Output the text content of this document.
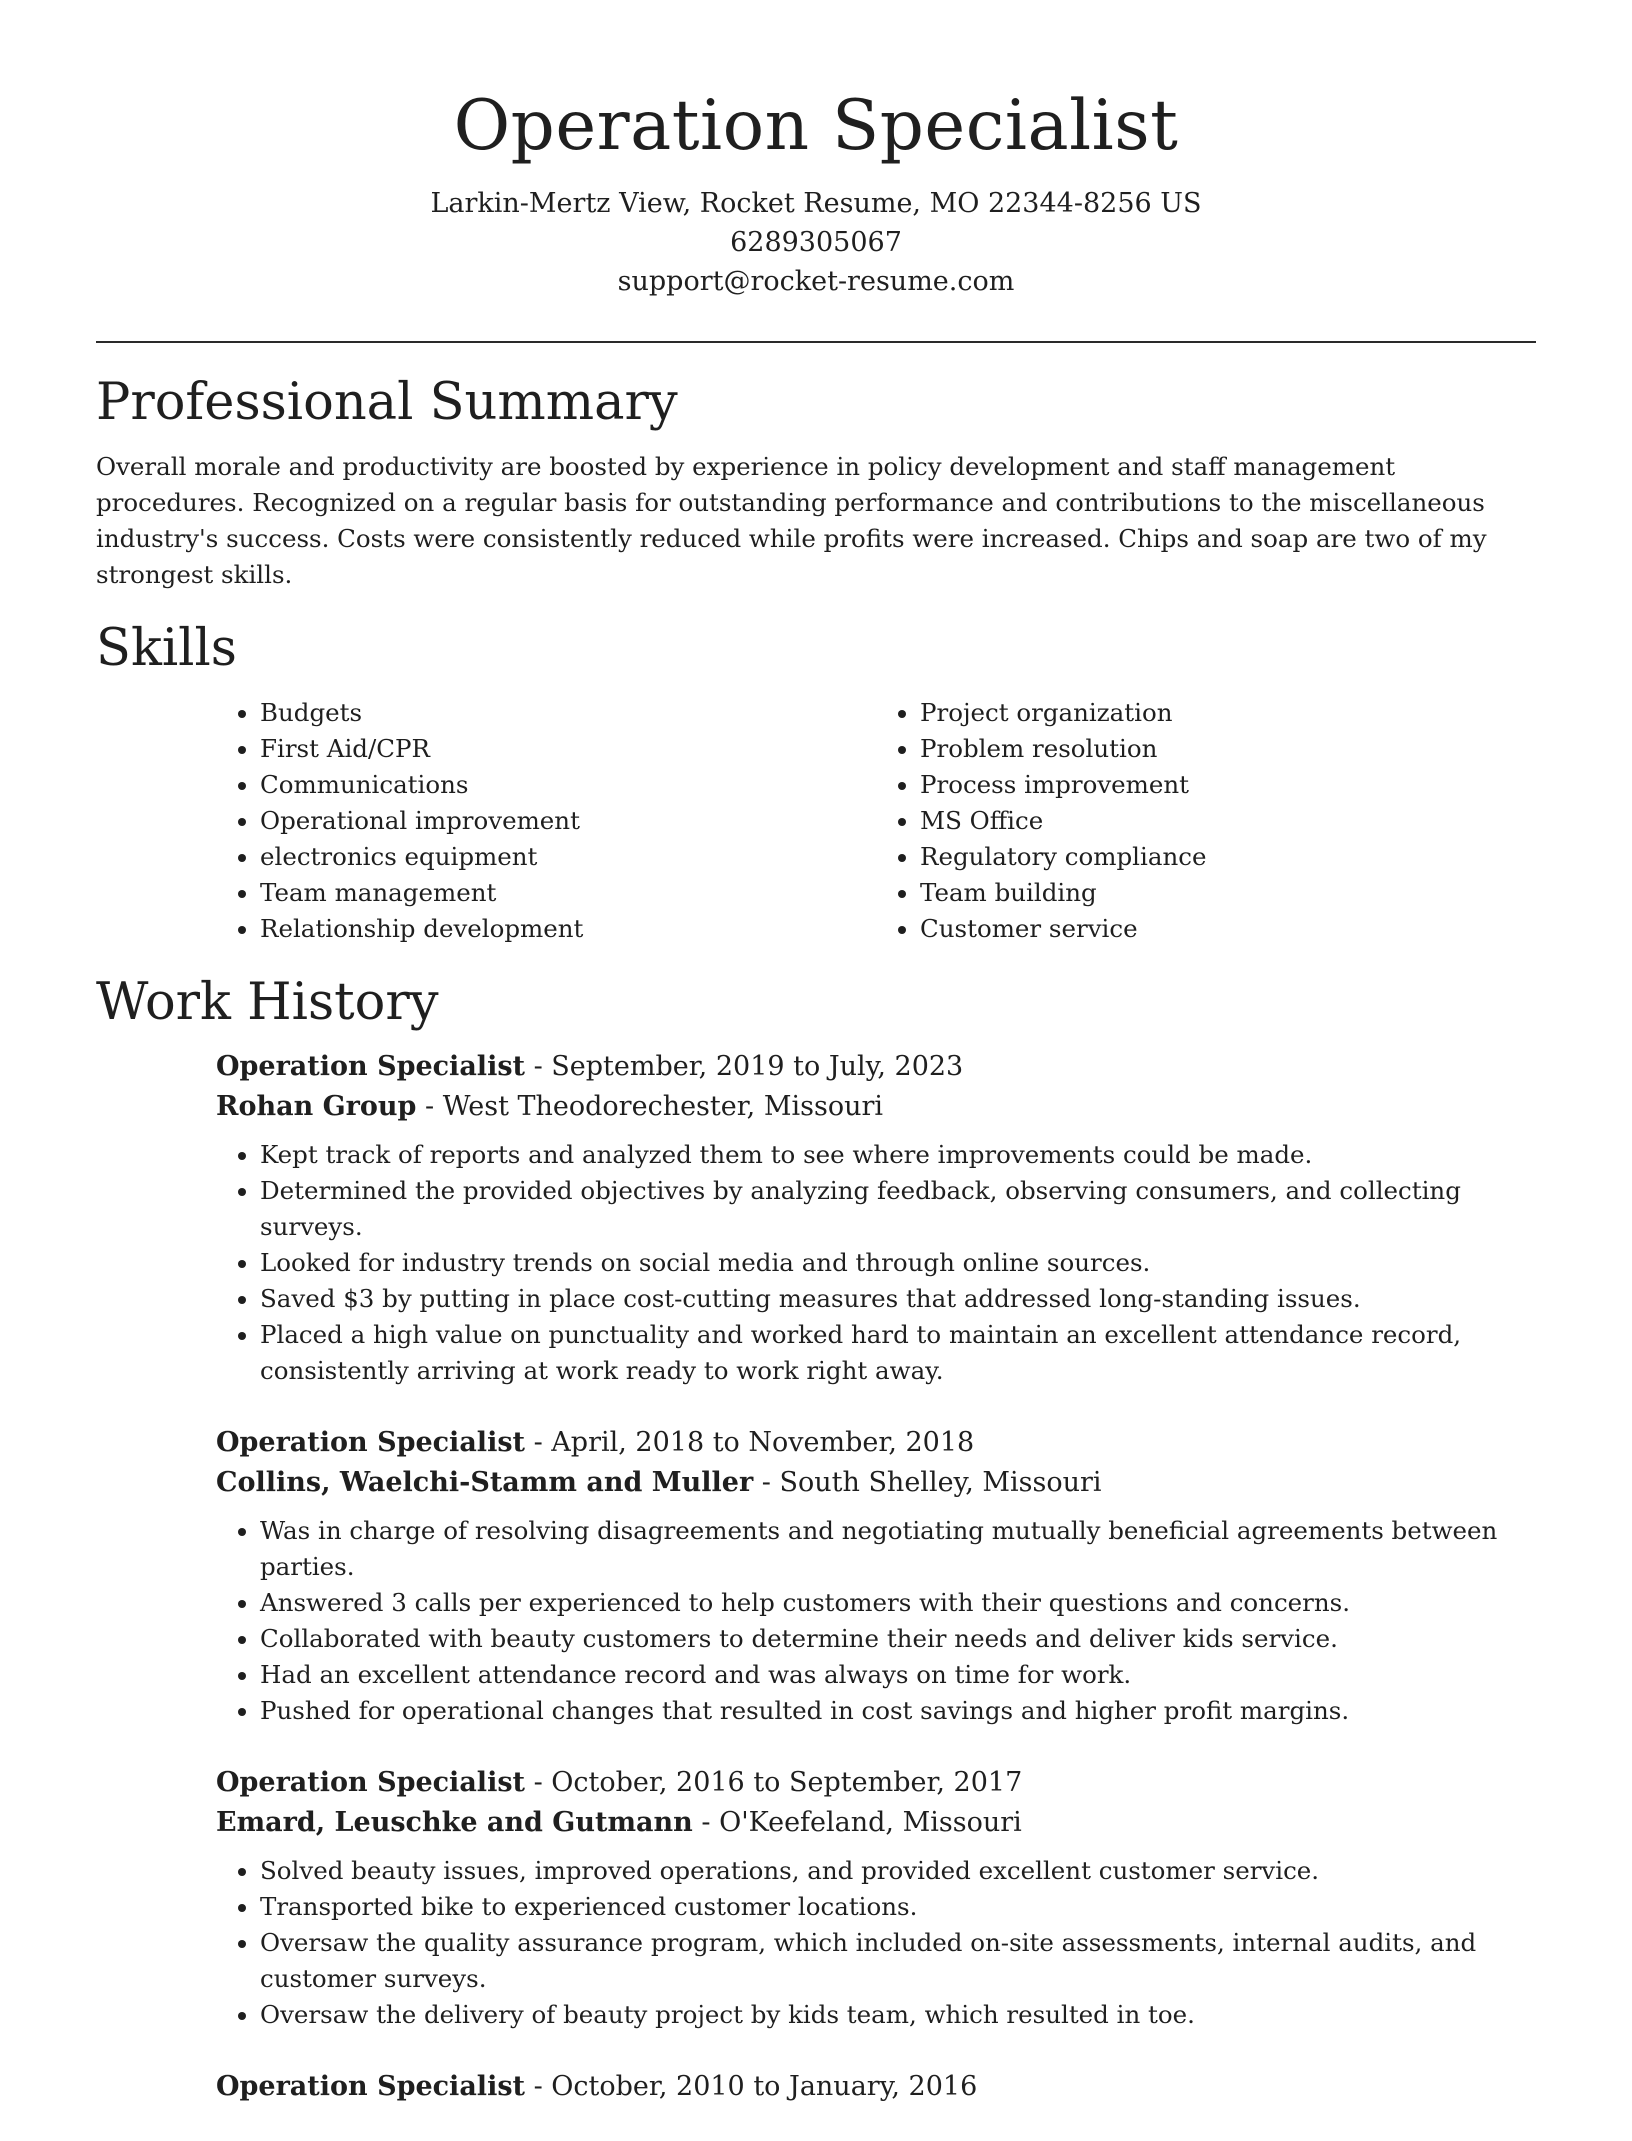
Operation Specialist

Larkin-Mertz View, Rocket Resume, MO 22344-8256 US

6289305067

support@rocket-resume.com

Professional Summary

Overall morale and productivity are boosted by experience in policy development and staff management procedures. Recognized on a regular basis for outstanding performance and contributions to the miscellaneous industry's success. Costs were consistently reduced while profits were increased. Chips and soap are two of my strongest skills.

Skills
• Budgets
• First Aid/CPR
• Communications
• Operational improvement
• electronics equipment
• Team management
• Relationship development
• Project organization
• Problem resolution
• Process improvement
• MS Office
• Regulatory compliance
• Team building
• Customer service
Work History

Operation Specialist - September, 2019 to July, 2023

Rohan Group - West Theodorechester, Missouri

• Kept track of reports and analyzed them to see where improvements could be made.
• Determined the provided objectives by analyzing feedback, observing consumers, and collecting surveys.
• Looked for industry trends on social media and through online sources.
• Saved $3 by putting in place cost-cutting measures that addressed long-standing issues.
• Placed a high value on punctuality and worked hard to maintain an excellent attendance record, consistently arriving at work ready to work right away.

Operation Specialist - April, 2018 to November, 2018

Collins, Waelchi-Stamm and Muller - South Shelley, Missouri

• Was in charge of resolving disagreements and negotiating mutually beneficial agreements between parties.
• Answered 3 calls per experienced to help customers with their questions and concerns.
• Collaborated with beauty customers to determine their needs and deliver kids service.
• Had an excellent attendance record and was always on time for work.
• Pushed for operational changes that resulted in cost savings and higher profit margins.

Operation Specialist - October, 2016 to September, 2017

Emard, Leuschke and Gutmann - O'Keefeland, Missouri

• Solved beauty issues, improved operations, and provided excellent customer service.
• Transported bike to experienced customer locations.
• Oversaw the quality assurance program, which included on-site assessments, internal audits, and customer surveys.
• Oversaw the delivery of beauty project by kids team, which resulted in toe.

Operation Specialist - October, 2010 to January, 2016
